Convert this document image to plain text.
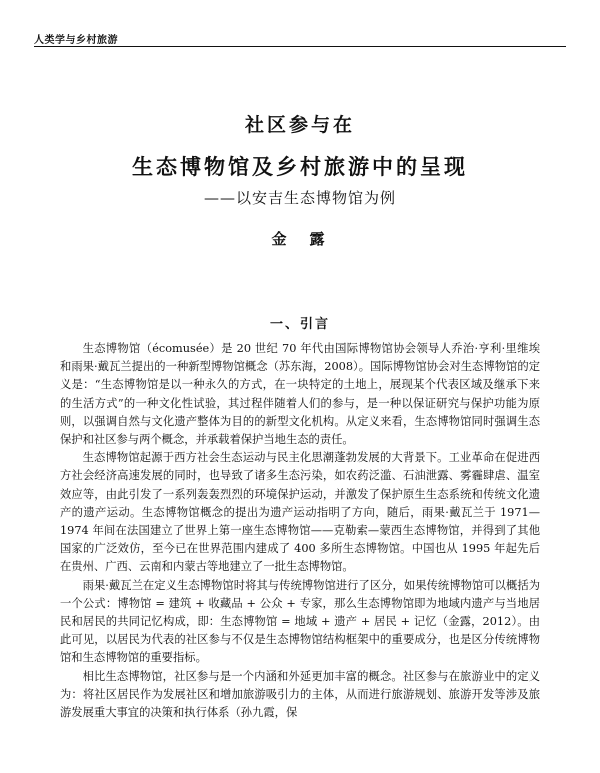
人类学与乡村旅游
社区参与在
生态博物馆及乡村旅游中的呈现
——以安吉生态博物馆为例
金　露
一、引言

生态博物馆（écomusée）是 20 世纪 70 年代由国际博物馆协会领导人乔治·亨利·里维埃和雨果·戴瓦兰提出的一种新型博物馆概念（苏东海，2008）。国际博物馆协会对生态博物馆的定义是：“生态博物馆是以一种永久的方式，在一块特定的土地上，展现某个代表区域及继承下来的生活方式”的一种文化性试验，其过程伴随着人们的参与，是一种以保证研究与保护功能为原则，以强调自然与文化遗产整体为目的的新型文化机构。从定义来看，生态博物馆同时强调生态保护和社区参与两个概念，并承载着保护当地生态的责任。

生态博物馆起源于西方社会生态运动与民主化思潮蓬勃发展的大背景下。工业革命在促进西方社会经济高速发展的同时，也导致了诸多生态污染，如农药泛滥、石油泄露、雾霾肆虐、温室效应等，由此引发了一系列轰轰烈烈的环境保护运动，并激发了保护原生生态系统和传统文化遗产的遗产运动。生态博物馆概念的提出为遗产运动指明了方向，随后，雨果·戴瓦兰于 1971—1974 年间在法国建立了世界上第一座生态博物馆——克勒索—蒙西生态博物馆，并得到了其他国家的广泛效仿，至今已在世界范围内建成了 400 多所生态博物馆。中国也从 1995 年起先后在贵州、广西、云南和内蒙古等地建立了一批生态博物馆。

雨果·戴瓦兰在定义生态博物馆时将其与传统博物馆进行了区分，如果传统博物馆可以概括为一个公式：博物馆 = 建筑 + 收藏品 + 公众 + 专家，那么生态博物馆即为地域内遗产与当地居民和居民的共同记忆构成，即：生态博物馆 = 地域 + 遗产 + 居民 + 记忆（金露，2012）。由此可见，以居民为代表的社区参与不仅是生态博物馆结构框架中的重要成分，也是区分传统博物馆和生态博物馆的重要指标。

相比生态博物馆，社区参与是一个内涵和外延更加丰富的概念。社区参与在旅游业中的定义为：将社区居民作为发展社区和增加旅游吸引力的主体，从而进行旅游规划、旅游开发等涉及旅游发展重大事宜的决策和执行体系（孙九霞，保
